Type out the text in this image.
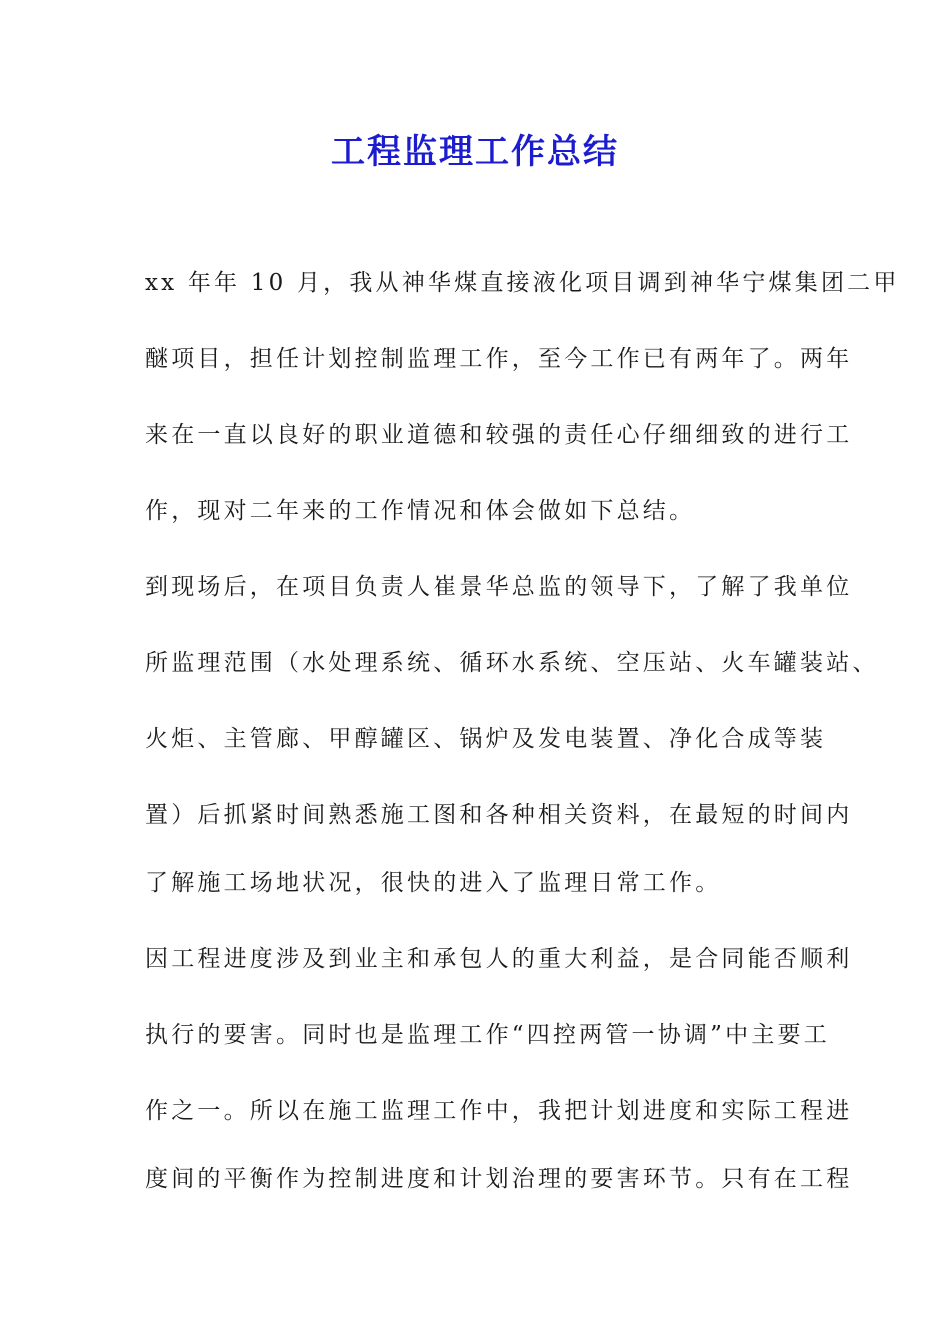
工程监理工作总结
xx 年年 10 月，我从神华煤直接液化项目调到神华宁煤集团二甲
醚项目，担任计划控制监理工作，至今工作已有两年了。两年
来在一直以良好的职业道德和较强的责任心仔细细致的进行工
作，现对二年来的工作情况和体会做如下总结。
到现场后，在项目负责人崔景华总监的领导下，了解了我单位
所监理范围（水处理系统、循环水系统、空压站、火车罐装站、
火炬、主管廊、甲醇罐区、锅炉及发电装置、净化合成等装
置）后抓紧时间熟悉施工图和各种相关资料，在最短的时间内
了解施工场地状况，很快的进入了监理日常工作。
因工程进度涉及到业主和承包人的重大利益，是合同能否顺利
执行的要害。同时也是监理工作“四控两管一协调”中主要工
作之一。所以在施工监理工作中，我把计划进度和实际工程进
度间的平衡作为控制进度和计划治理的要害环节。只有在工程
